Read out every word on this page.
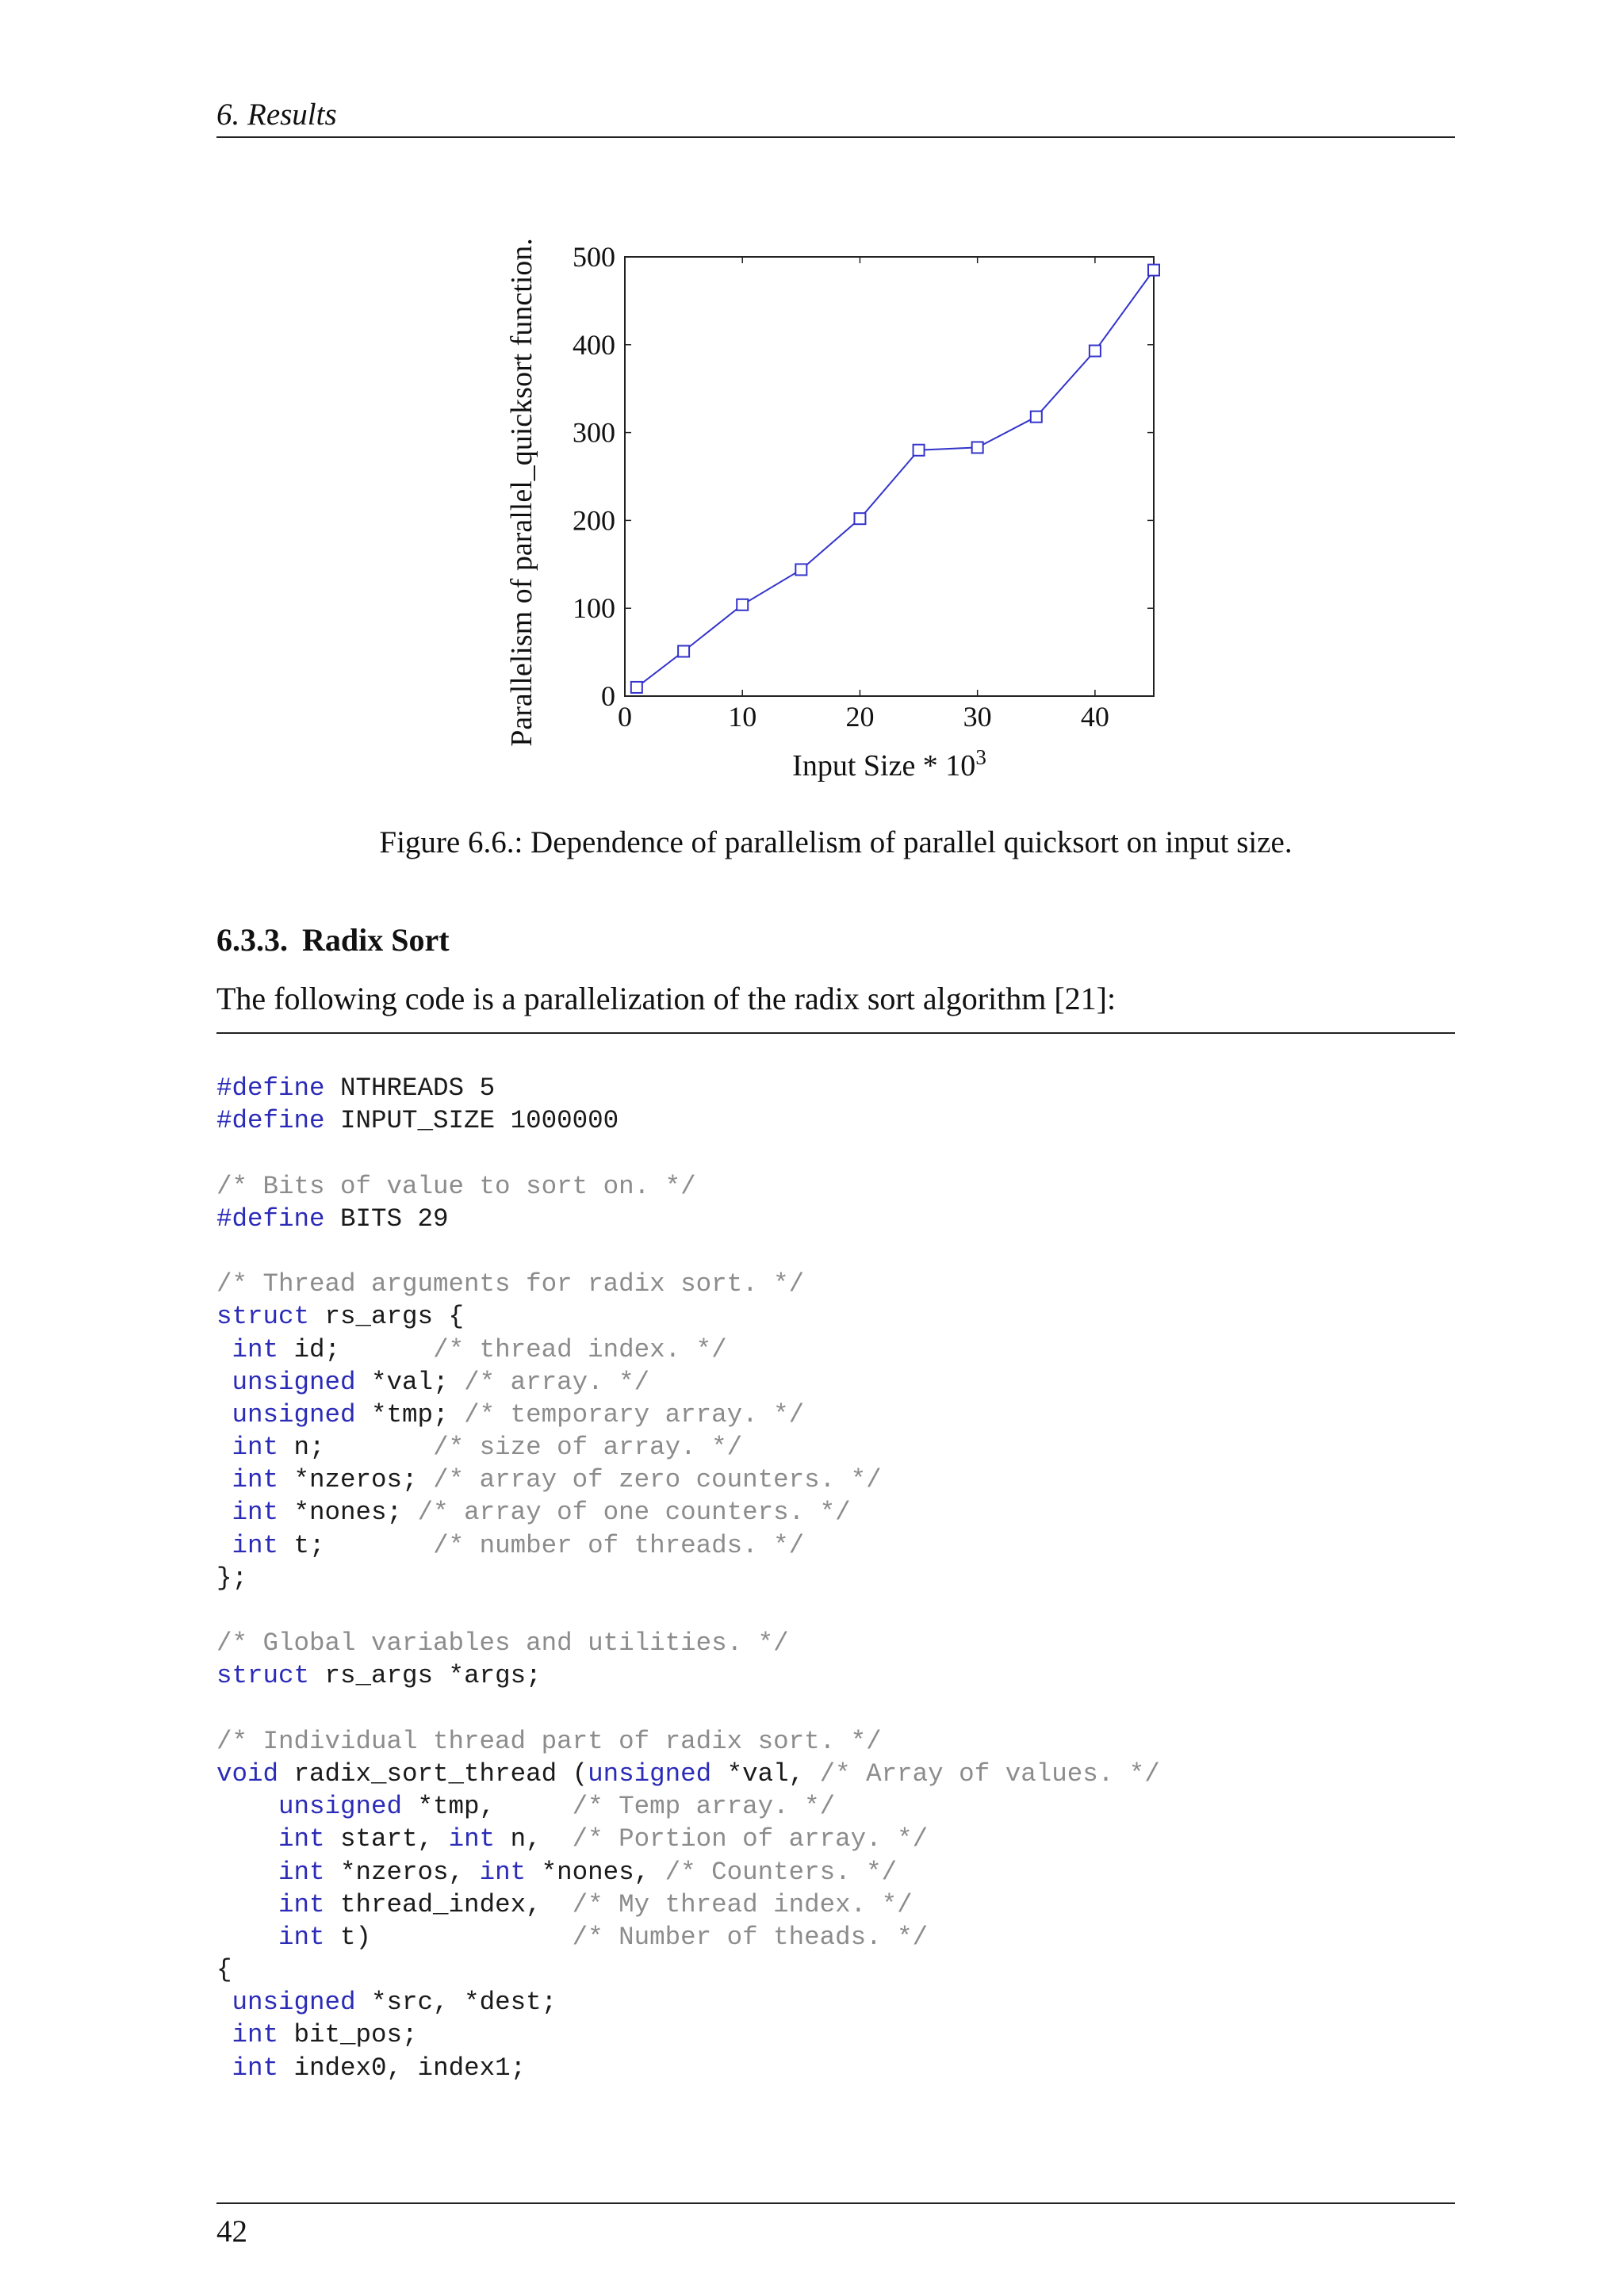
6. Results
0	10	20	30	40
0
100
200
300
400
500
Input Size * $10^3$
Parallelism of parallel_quicksort function.
Figure 6.6.: Dependence of parallelism of parallel quicksort on input size.
6.3.3. Radix Sort
The following code is a parallelization of the radix sort algorithm [21]:
#define NTHREADS 5
#define INPUT_SIZE 1000000

/* Bits of value to sort on. */
#define BITS 29

/* Thread arguments for radix sort. */
struct rs_args {
int id;      /* thread index. */
unsigned *val; /* array. */
unsigned *tmp; /* temporary array. */
int n;       /* size of array. */
int *nzeros; /* array of zero counters. */
int *nones; /* array of one counters. */
int t;       /* number of threads. */
};

/* Global variables and utilities. */
struct rs_args *args;

/* Individual thread part of radix sort. */
void radix_sort_thread (unsigned *val, /* Array of values. */
unsigned *tmp,     /* Temp array. */
int start, int n,  /* Portion of array. */
int *nzeros, int *nones, /* Counters. */
int thread_index,  /* My thread index. */
int t)             /* Number of theads. */
{
unsigned *src, *dest;
int bit_pos;
int index0, index1;
42
